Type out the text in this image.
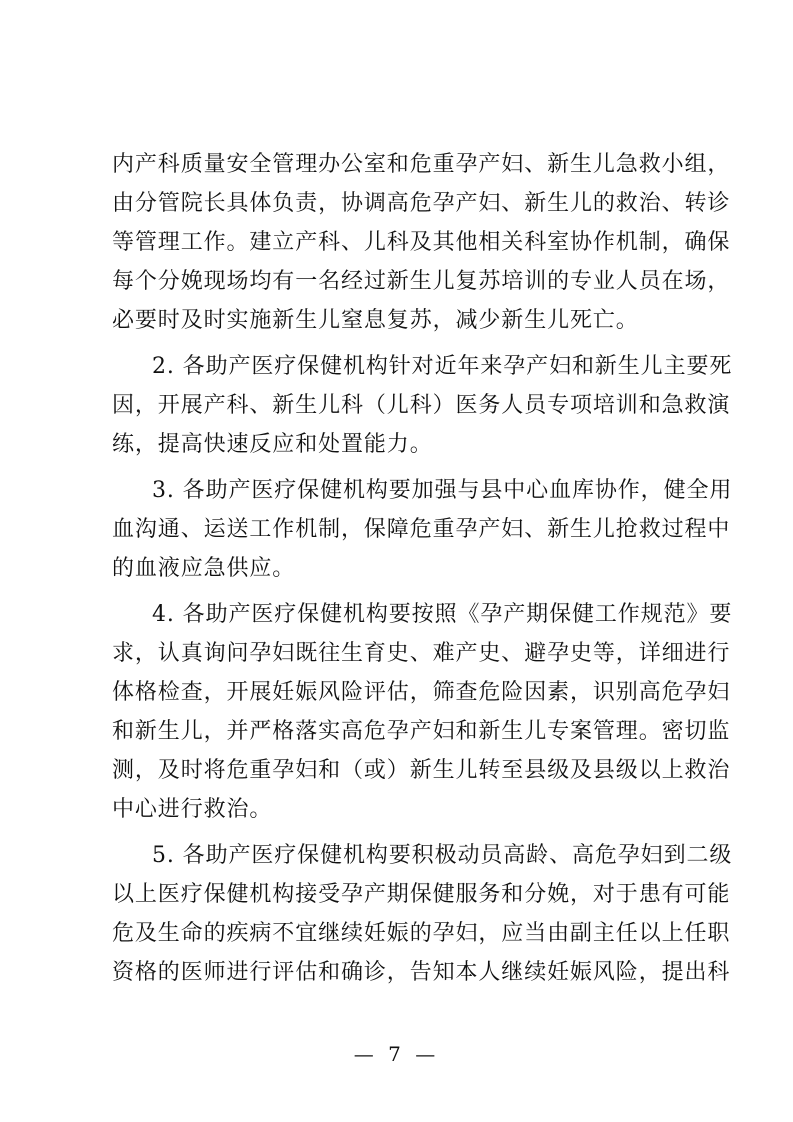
内产科质量安全管理办公室和危重孕产妇、新生儿急救小组，
由分管院长具体负责，协调高危孕产妇、新生儿的救治、转诊
等管理工作。建立产科、儿科及其他相关科室协作机制，确保
每个分娩现场均有一名经过新生儿复苏培训的专业人员在场，
必要时及时实施新生儿窒息复苏，减少新生儿死亡。
2. 各助产医疗保健机构针对近年来孕产妇和新生儿主要死
因，开展产科、新生儿科（儿科）医务人员专项培训和急救演
练，提高快速反应和处置能力。
3. 各助产医疗保健机构要加强与县中心血库协作，健全用
血沟通、运送工作机制，保障危重孕产妇、新生儿抢救过程中
的血液应急供应。
4. 各助产医疗保健机构要按照《孕产期保健工作规范》要
求，认真询问孕妇既往生育史、难产史、避孕史等，详细进行
体格检查，开展妊娠风险评估，筛查危险因素，识别高危孕妇
和新生儿，并严格落实高危孕产妇和新生儿专案管理。密切监
测，及时将危重孕妇和（或）新生儿转至县级及县级以上救治
中心进行救治。
5. 各助产医疗保健机构要积极动员高龄、高危孕妇到二级
以上医疗保健机构接受孕产期保健服务和分娩，对于患有可能
危及生命的疾病不宜继续妊娠的孕妇，应当由副主任以上任职
资格的医师进行评估和确诊，告知本人继续妊娠风险，提出科
— 7 —
